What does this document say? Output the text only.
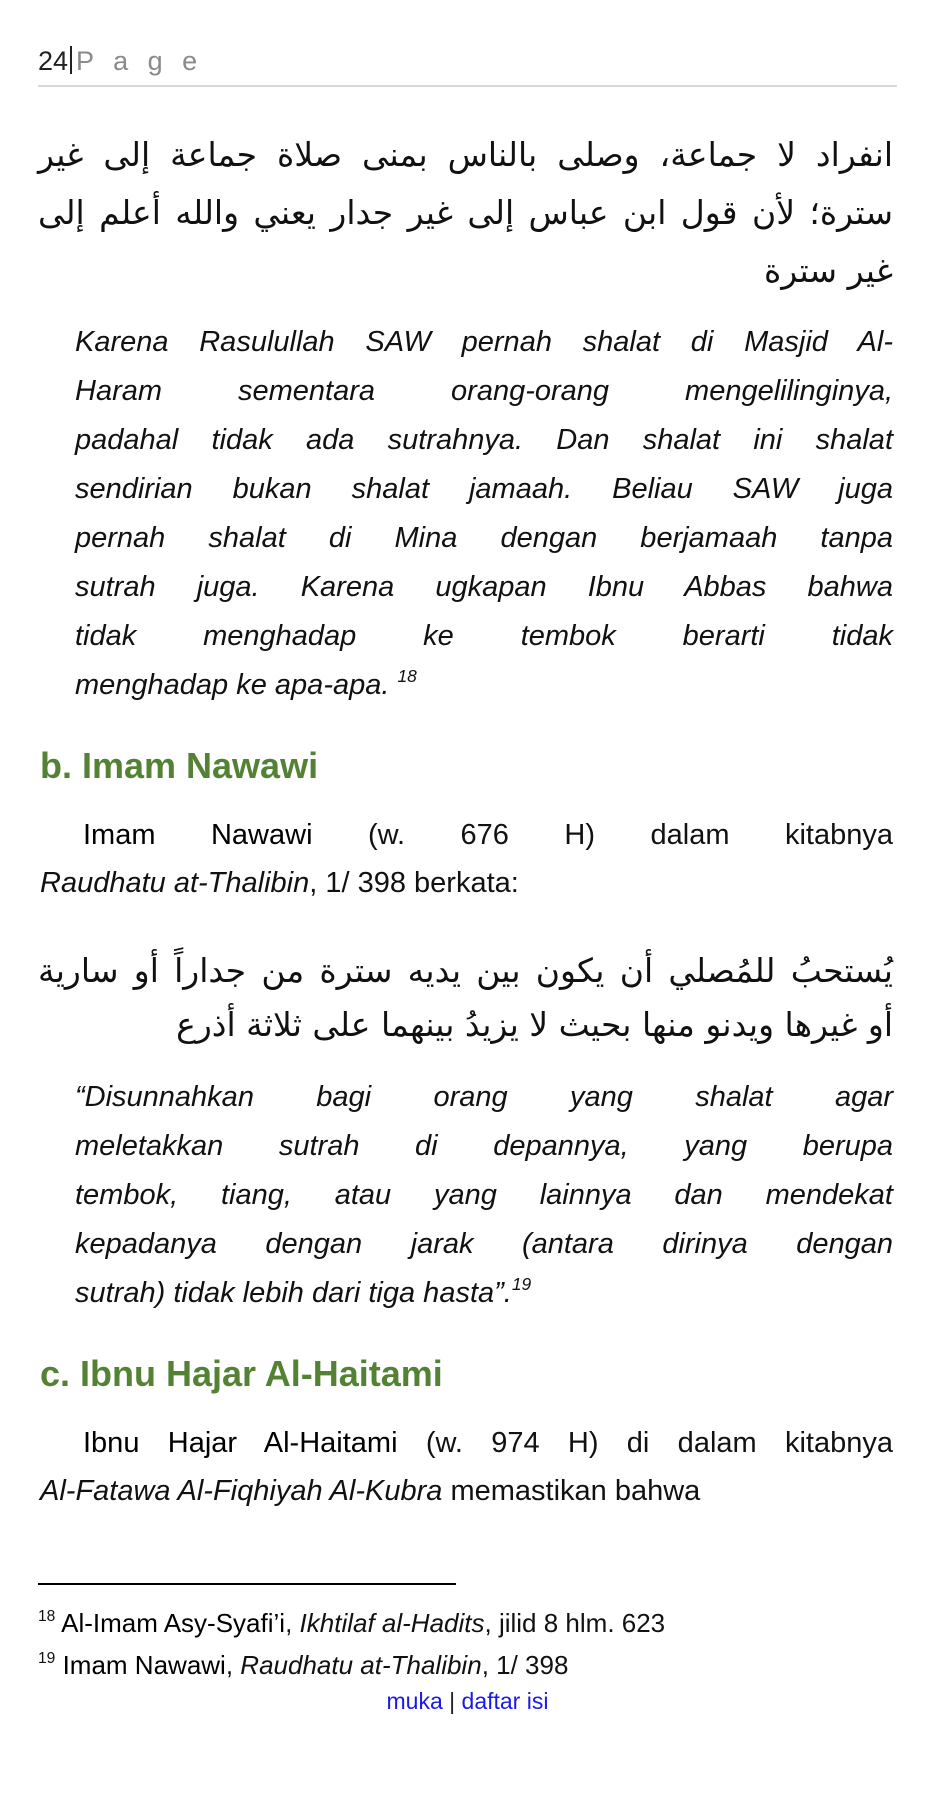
24 P a g e
انفراد لا جماعة، وصلى بالناس بمنى صلاة جماعة إلى غير
سترة؛ لأن قول ابن عباس إلى غير جدار يعني والله أعلم إلى
غير سترة
Karena Rasulullah SAW pernah shalat di Masjid Al-
Haram sementara orang-orang mengelilinginya,
padahal tidak ada sutrahnya. Dan shalat ini shalat
sendirian bukan shalat jamaah. Beliau SAW juga
pernah shalat di Mina dengan berjamaah tanpa
sutrah juga. Karena ugkapan Ibnu Abbas bahwa
tidak menghadap ke tembok berarti tidak
menghadap ke apa-apa. $^{18}$
b. Imam Nawawi
Imam Nawawi (w. 676 H) dalam kitabnya
Raudhatu at-Thalibin, 1/ 398 berkata:
يُستحبُ للمُصلي أن يكون بين يديه سترة من جداراً أو سارية
أو غيرها ويدنو منها بحيث لا يزيدُ بينهما على ثلاثة أذرع
“Disunnahkan bagi orang yang shalat agar
meletakkan sutrah di depannya, yang berupa
tembok, tiang, atau yang lainnya dan mendekat
kepadanya dengan jarak (antara dirinya dengan
sutrah) tidak lebih dari tiga hasta”.$^{19}$
c. Ibnu Hajar Al-Haitami
Ibnu Hajar Al-Haitami (w. 974 H) di dalam kitabnya
Al-Fatawa Al-Fiqhiyah Al-Kubra memastikan bahwa
$^{18}$ Al-Imam Asy-Syafi’i, Ikhtilaf al-Hadits, jilid 8 hlm. 623
$^{19}$ Imam Nawawi, Raudhatu at-Thalibin, 1/ 398
muka | daftar isi
